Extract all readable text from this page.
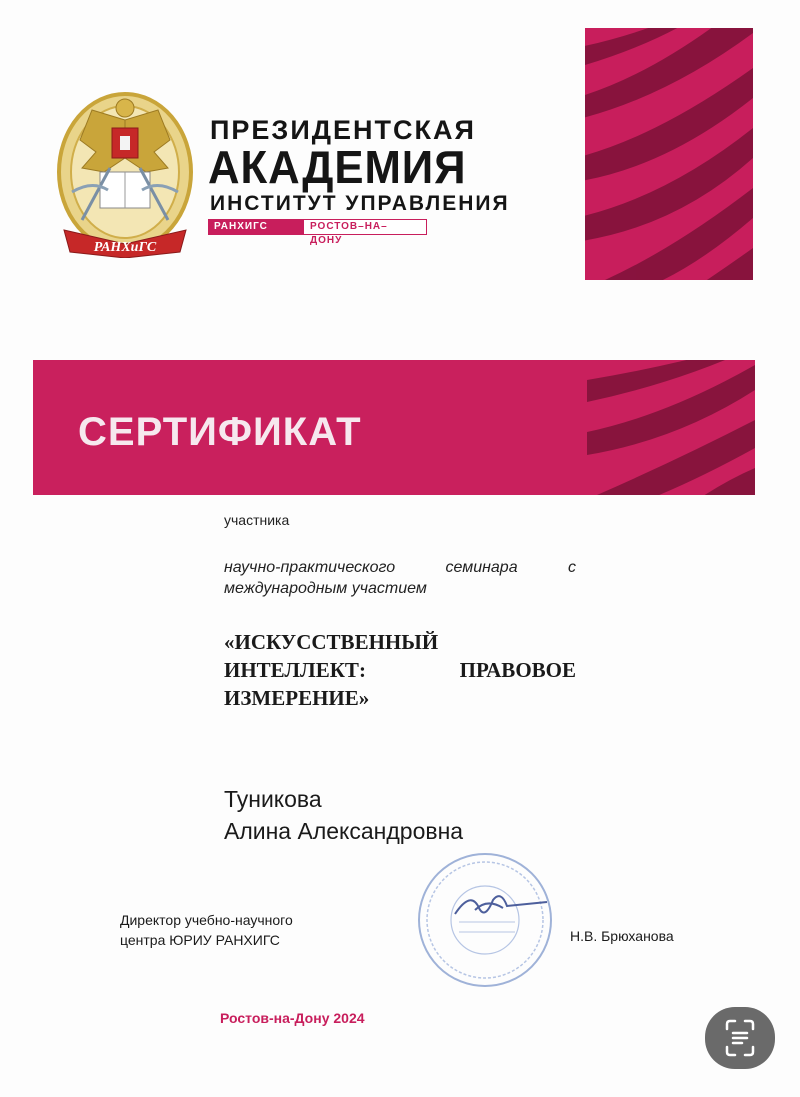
РАНХиГС
ПРЕЗИДЕНТСКАЯ
АКАДЕМИЯ
ИНСТИТУТ УПРАВЛЕНИЯ
РАНХИГС	РОСТОВ–НА–ДОНУ
СЕРТИФИКАТ
участника
научно-практического семинара с
международным участием
«ИСКУССТВЕННЫЙ
ИНТЕЛЛЕКТ: ПРАВОВОЕ
ИЗМЕРЕНИЕ»
Туникова
Алина Александровна
Директор учебно-научного
центра ЮРИУ РАНХИГС	Н.В. Брюханова
Ростов-на-Дону 2024
